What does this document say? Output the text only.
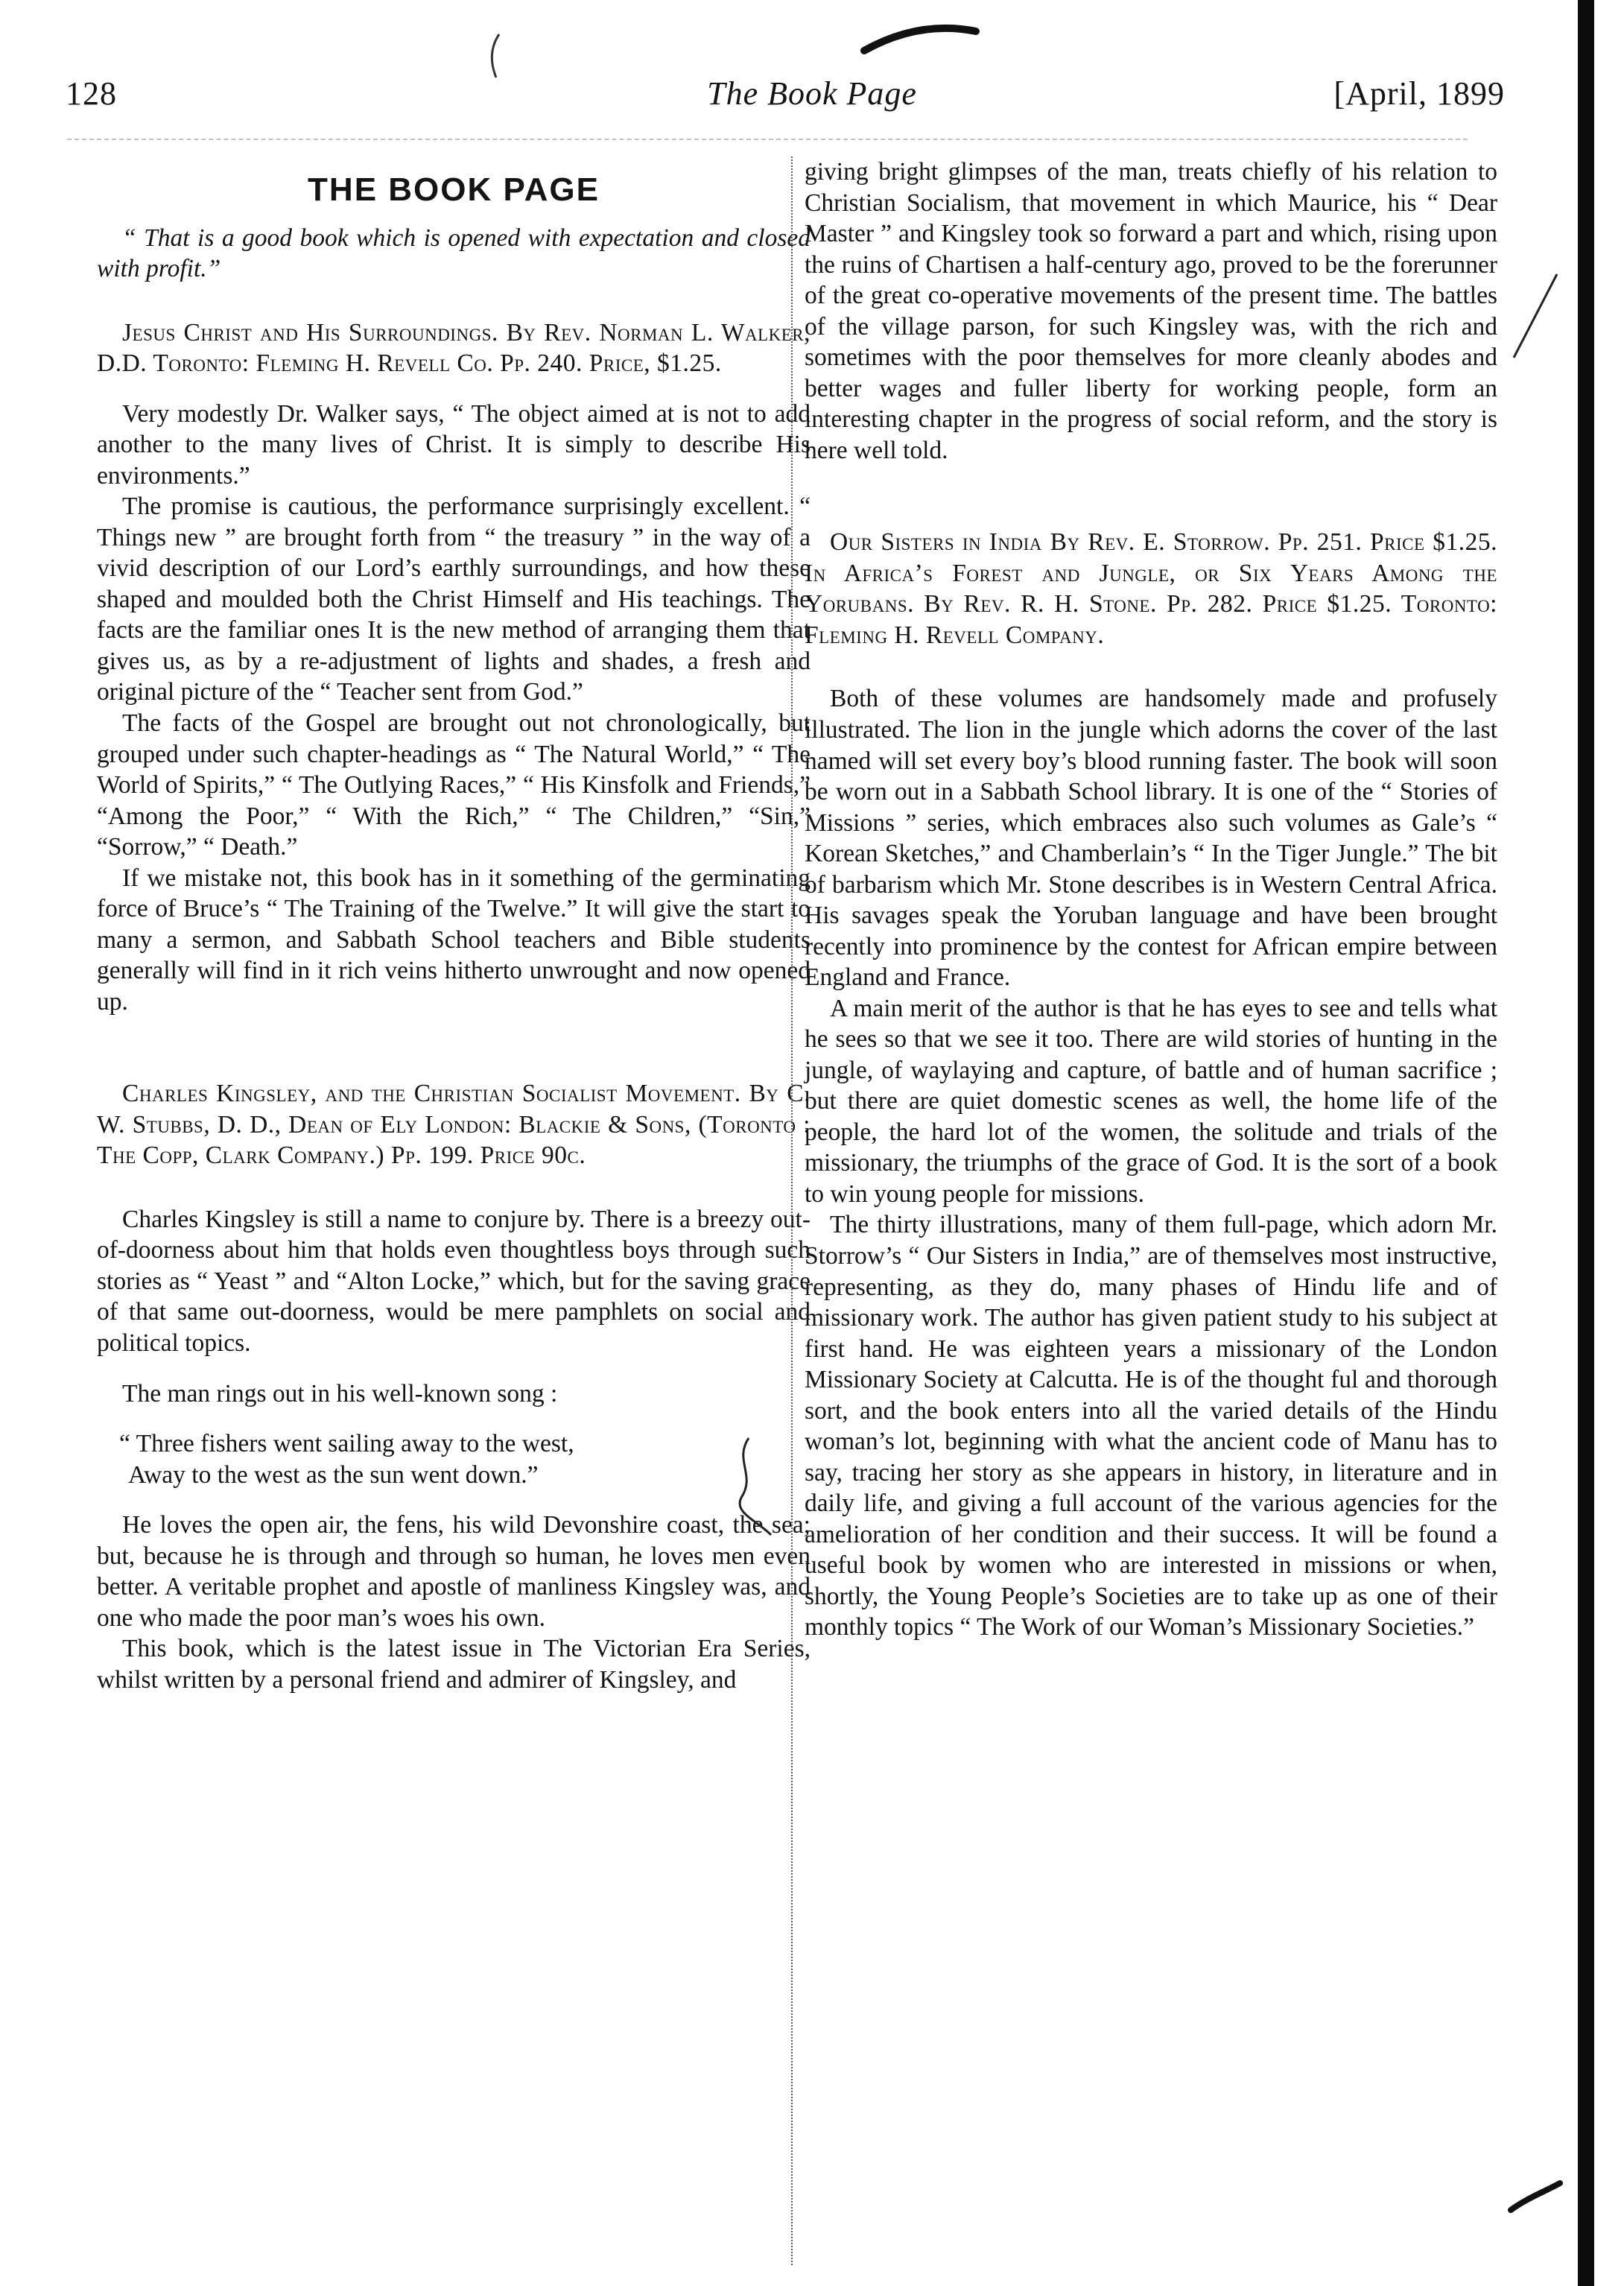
128	The Book Page	[April, 1899
THE BOOK PAGE

“ That is a good book which is opened with expectation and closed with profit.”

Jesus Christ and His Surroundings. By Rev. Norman L. Walker, D.D. Toronto: Fleming H. Revell Co. Pp. 240. Price, $1.25.

Very modestly Dr. Walker says, “ The object aimed at is not to add another to the many lives of Christ. It is simply to describe His environments.”

The promise is cautious, the performance surprisingly excellent. “ Things new ” are brought forth from “ the treasury ” in the way of a vivid description of our Lord’s earthly surroundings, and how these shaped and moulded both the Christ Himself and His teachings. The facts are the familiar ones It is the new method of arranging them that gives us, as by a re-adjustment of lights and shades, a fresh and original picture of the “ Teacher sent from God.”

The facts of the Gospel are brought out not chronologically, but grouped under such chapter-headings as “ The Natural World,” “ The World of Spirits,” “ The Outlying Races,” “ His Kinsfolk and Friends,” “Among the Poor,” “ With the Rich,” “ The Children,” “Sin,” “Sorrow,” “ Death.”

If we mistake not, this book has in it something of the germinating force of Bruce’s “ The Training of the Twelve.” It will give the start to many a sermon, and Sabbath School teachers and Bible students generally will find in it rich veins hitherto unwrought and now opened up.

Charles Kingsley, and the Christian Socialist Movement. By C. W. Stubbs, D. D., Dean of Ely London: Blackie & Sons, (Toronto : The Copp, Clark Company.) Pp. 199. Price 90c.

Charles Kingsley is still a name to conjure by. There is a breezy out-of-doorness about him that holds even thoughtless boys through such stories as “ Yeast ” and “Alton Locke,” which, but for the saving grace of that same out-doorness, would be mere pamphlets on social and political topics.

The man rings out in his well-known song :

“ Three fishers went sailing away to the west,
Away to the west as the sun went down.”

He loves the open air, the fens, his wild Devonshire coast, the sea; but, because he is through and through so human, he loves men even better. A veritable prophet and apostle of manliness Kingsley was, and one who made the poor man’s woes his own.

This book, which is the latest issue in The Victorian Era Series, whilst written by a personal friend and admirer of Kingsley, and

giving bright glimpses of the man, treats chiefly of his relation to Christian Socialism, that movement in which Maurice, his “ Dear Master ” and Kingsley took so forward a part and which, rising upon the ruins of Chartisen a half-century ago, proved to be the forerunner of the great co-operative movements of the present time. The battles of the village parson, for such Kingsley was, with the rich and sometimes with the poor themselves for more cleanly abodes and better wages and fuller liberty for working people, form an interesting chapter in the progress of social reform, and the story is here well told.

Our Sisters in India By Rev. E. Storrow. Pp. 251. Price $1.25. In Africa’s Forest and Jungle, or Six Years Among the Yorubans. By Rev. R. H. Stone. Pp. 282. Price $1.25. Toronto: Fleming H. Revell Company.

Both of these volumes are handsomely made and profusely illustrated. The lion in the jungle which adorns the cover of the last named will set every boy’s blood running faster. The book will soon be worn out in a Sabbath School library. It is one of the “ Stories of Missions ” series, which embraces also such volumes as Gale’s “ Korean Sketches,” and Chamberlain’s “ In the Tiger Jungle.” The bit of barbarism which Mr. Stone describes is in Western Central Africa. His savages speak the Yoruban language and have been brought recently into prominence by the contest for African empire between England and France.

A main merit of the author is that he has eyes to see and tells what he sees so that we see it too. There are wild stories of hunting in the jungle, of waylaying and capture, of battle and of human sacrifice ; but there are quiet domestic scenes as well, the home life of the people, the hard lot of the women, the solitude and trials of the missionary, the triumphs of the grace of God. It is the sort of a book to win young people for missions.

The thirty illustrations, many of them full-page, which adorn Mr. Storrow’s “ Our Sisters in India,” are of themselves most instructive, representing, as they do, many phases of Hindu life and of missionary work. The author has given patient study to his subject at first hand. He was eighteen years a missionary of the London Missionary Society at Calcutta. He is of the thought ful and thorough sort, and the book enters into all the varied details of the Hindu woman’s lot, beginning with what the ancient code of Manu has to say, tracing her story as she appears in history, in literature and in daily life, and giving a full account of the various agencies for the amelioration of her condition and their success. It will be found a useful book by women who are interested in missions or when, shortly, the Young People’s Societies are to take up as one of their monthly topics “ The Work of our Woman’s Missionary Societies.”
